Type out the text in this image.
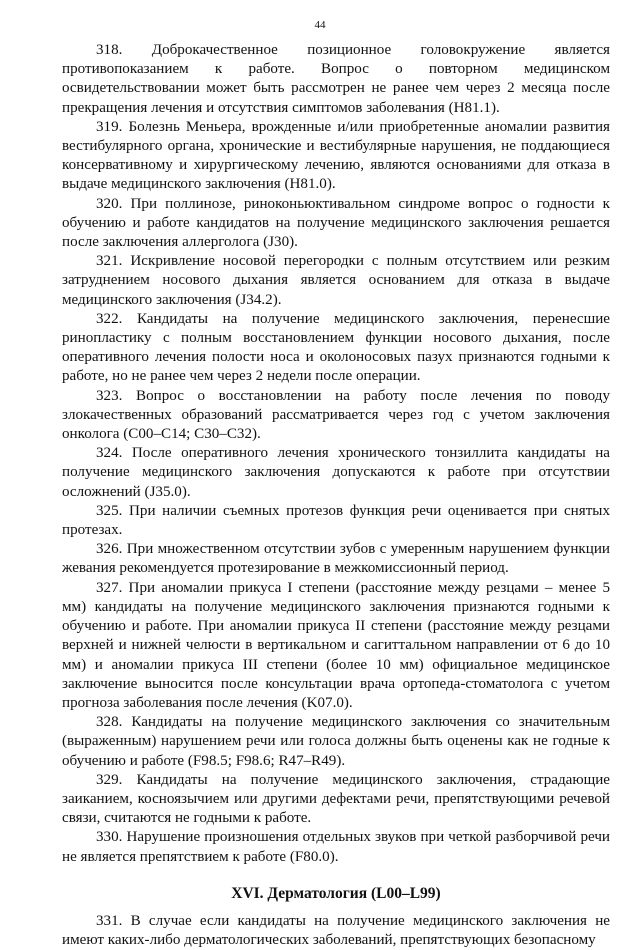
44

318. Доброкачественное позиционное головокружение является противопоказанием к работе. Вопрос о повторном медицинском освидетельствовании может быть рассмотрен не ранее чем через 2 месяца после прекращения лечения и отсутствия симптомов заболевания (H81.1).

319. Болезнь Меньера, врожденные и/или приобретенные аномалии развития вестибулярного органа, хронические и вестибулярные нарушения, не поддающиеся консервативному и хирургическому лечению, являются основаниями для отказа в выдаче медицинского заключения (H81.0).

320. При поллинозе, риноконьюктивальном синдроме вопрос о годности к обучению и работе кандидатов на получение медицинского заключения решается после заключения аллерголога (J30).

321. Искривление носовой перегородки с полным отсутствием или резким затруднением носового дыхания является основанием для отказа в выдаче медицинского заключения (J34.2).

322. Кандидаты на получение медицинского заключения, перенесшие ринопластику с полным восстановлением функции носового дыхания, после оперативного лечения полости носа и околоносовых пазух признаются годными к работе, но не ранее чем через 2 недели после операции.

323. Вопрос о восстановлении на работу после лечения по поводу злокачественных образований рассматривается через год с учетом заключения онколога (C00–C14; C30–C32).

324. После оперативного лечения хронического тонзиллита кандидаты на получение медицинского заключения допускаются к работе при отсутствии осложнений (J35.0).

325. При наличии съемных протезов функция речи оценивается при снятых протезах.

326. При множественном отсутствии зубов с умеренным нарушением функции жевания рекомендуется протезирование в межкомиссионный период.

327. При аномалии прикуса I степени (расстояние между резцами – менее 5 мм) кандидаты на получение медицинского заключения признаются годными к обучению и работе. При аномалии прикуса II степени (расстояние между резцами верхней и нижней челюсти в вертикальном и сагиттальном направлении от 6 до 10 мм) и аномалии прикуса III степени (более 10 мм) официальное медицинское заключение выносится после консультации врача ортопеда-стоматолога с учетом прогноза заболевания после лечения (K07.0).

328. Кандидаты на получение медицинского заключения со значительным (выраженным) нарушением речи или голоса должны быть оценены как не годные к обучению и работе (F98.5; F98.6; R47–R49).

329. Кандидаты на получение медицинского заключения, страдающие заиканием, косноязычием или другими дефектами речи, препятствующими речевой связи, считаются не годными к работе.

330. Нарушение произношения отдельных звуков при четкой разборчивой речи не является препятствием к работе (F80.0).

XVI. Дерматология (L00–L99)

331. В случае если кандидаты на получение медицинского заключения не имеют каких-либо дерматологических заболеваний, препятствующих безопасному
